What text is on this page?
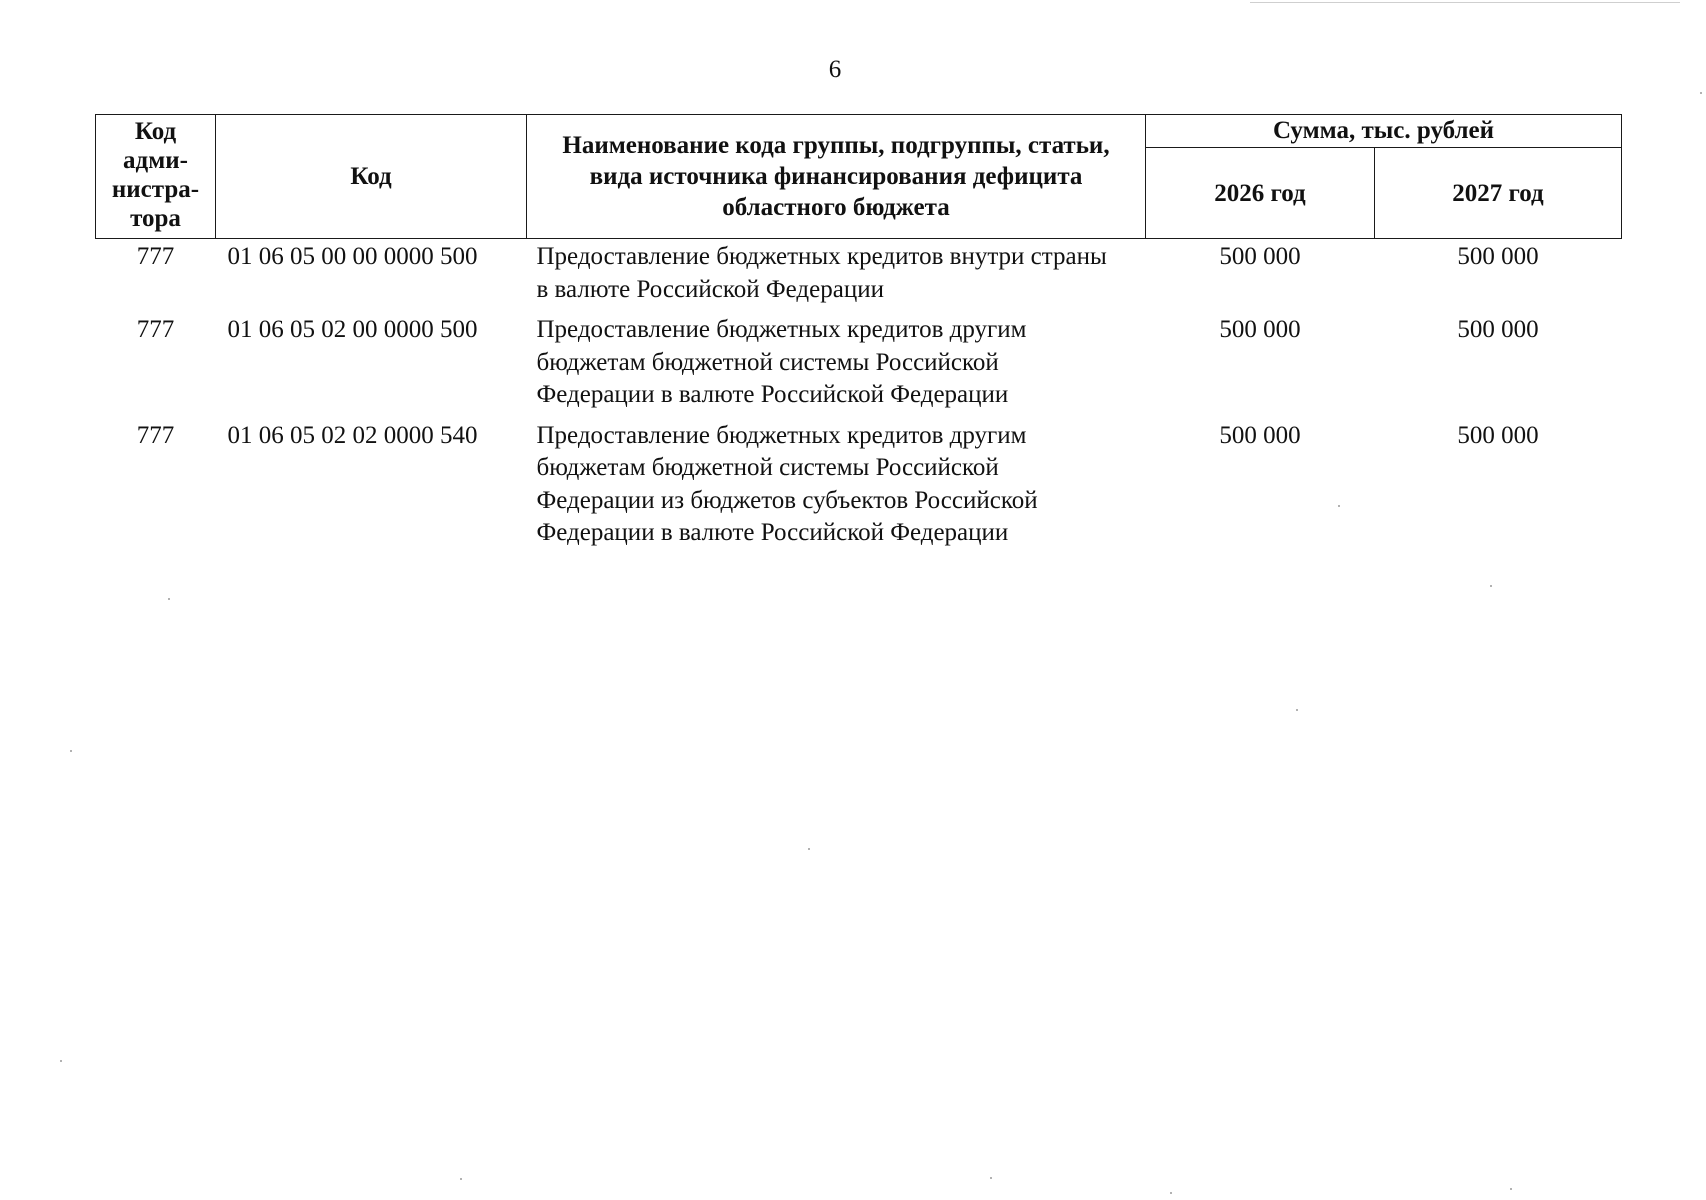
6
Код
адми-
нистра-
тора	Код	Наименование кода группы, подгруппы, статьи, вида источника финансирования дефицита областного бюджета	Сумма, тыс. рублей	
			2026 год	2027 год
777	01 06 05 00 00 0000 500	Предоставление бюджетных кредитов внутри страны в валюте Российской Федерации	500 000	500 000
777	01 06 05 02 00 0000 500	Предоставление бюджетных кредитов другим бюджетам бюджетной системы Российской Федерации в валюте Российской Федерации	500 000	500 000
777	01 06 05 02 02 0000 540	Предоставление бюджетных кредитов другим бюджетам бюджетной системы Российской Федерации из бюджетов субъектов Российской Федерации в валюте Российской Федерации	500 000	500 000
